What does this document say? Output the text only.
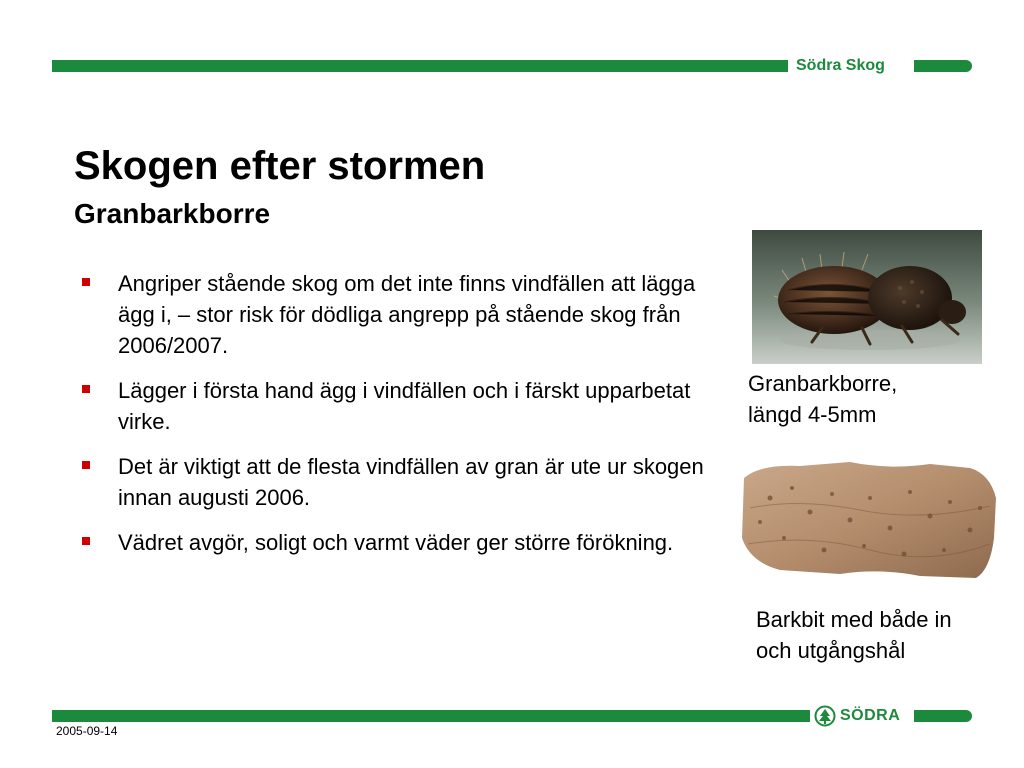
Södra Skog
Skogen efter stormen
Granbarkborre
Angriper stående skog om det inte finns vindfällen att lägga ägg i, – stor risk för dödliga angrepp på stående skog från 2006/2007.
Lägger i första hand ägg i vindfällen och i färskt upparbetat virke.
Det är viktigt att de flesta vindfällen av gran är ute ur skogen innan augusti 2006.
Vädret avgör, soligt och varmt väder ger större förökning.
Granbarkborre,
längd 4-5mm
Barkbit med både in
och utgångshål
SÖDRA
2005-09-14
